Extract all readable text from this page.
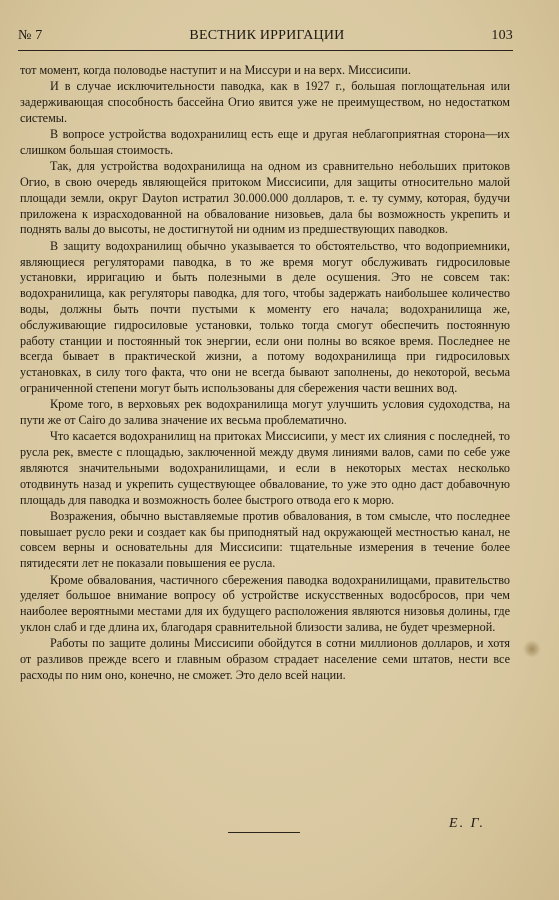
№ 7	ВЕСТНИК ИРРИГАЦИИ	103

тот момент, когда половодье наступит и на Миссури и на верх. Миссисипи.

И в случае исключительности паводка, как в 1927 г., большая поглощательная или задерживающая способность бассейна Огио явится уже не преимуществом, но недостатком системы.

В вопросе устройства водохранилищ есть еще и другая неблагоприятная сторона—их слишком большая стоимость.

Так, для устройства водохранилища на одном из сравнительно небольших притоков Огио, в свою очередь являющейся притоком Миссисипи, для защиты относительно малой площади земли, округ Dayton истратил 30.000.000 долларов, т. е. ту сумму, которая, будучи приложена к израсходованной на обвалование низовьев, дала бы возможность укрепить и поднять валы до высоты, не достигнутой ни одним из предшествующих паводков.

В защиту водохранилищ обычно указывается то обстоятельство, что водоприемники, являющиеся регуляторами паводка, в то же время могут обслуживать гидросиловые установки, ирригацию и быть полезными в деле осушения. Это не совсем так: водохранилища, как регуляторы паводка, для того, чтобы задержать наибольшее количество воды, должны быть почти пустыми к моменту его начала; водохранилища же, обслуживающие гидросиловые установки, только тогда смогут обеспечить постоянную работу станции и постоянный ток энергии, если они полны во всякое время. Последнее не всегда бывает в практической жизни, а потому водохранилища при гидросиловых установках, в силу того факта, что они не всегда бывают заполнены, до некоторой, весьма ограниченной степени могут быть использованы для сбережения части вешних вод.

Кроме того, в верховьях рек водохранилища могут улучшить условия судоходства, на пути же от Cairo до залива значение их весьма проблематично.

Что касается водохранилищ на притоках Миссисипи, у мест их слияния с последней, то русла рек, вместе с площадью, заключенной между двумя линиями валов, сами по себе уже являются значительными водохранилищами, и если в некоторых местах несколько отодвинуть назад и укрепить существующее обвалование, то уже это одно даст добавочную площадь для паводка и возможность более быстрого отвода его к морю.

Возражения, обычно выставляемые против обвалования, в том смысле, что последнее повышает русло реки и создает как бы приподнятый над окружающей местностью канал, не совсем верны и основательны для Миссисипи: тщательные измерения в течение более пятидесяти лет не показали повышения ее русла.

Кроме обвалования, частичного сбережения паводка водохранилищами, правительство уделяет большое внимание вопросу об устройстве искусственных водосбросов, при чем наиболее вероятными местами для их будущего расположения являются низовья долины, где уклон слаб и где длина их, благодаря сравнительной близости залива, не будет чрезмерной.

Работы по защите долины Миссисипи обойдутся в сотни миллионов долларов, и хотя от разливов прежде всего и главным образом страдает население семи штатов, нести все расходы по ним оно, конечно, не сможет. Это дело всей нации.

Е. Г.
